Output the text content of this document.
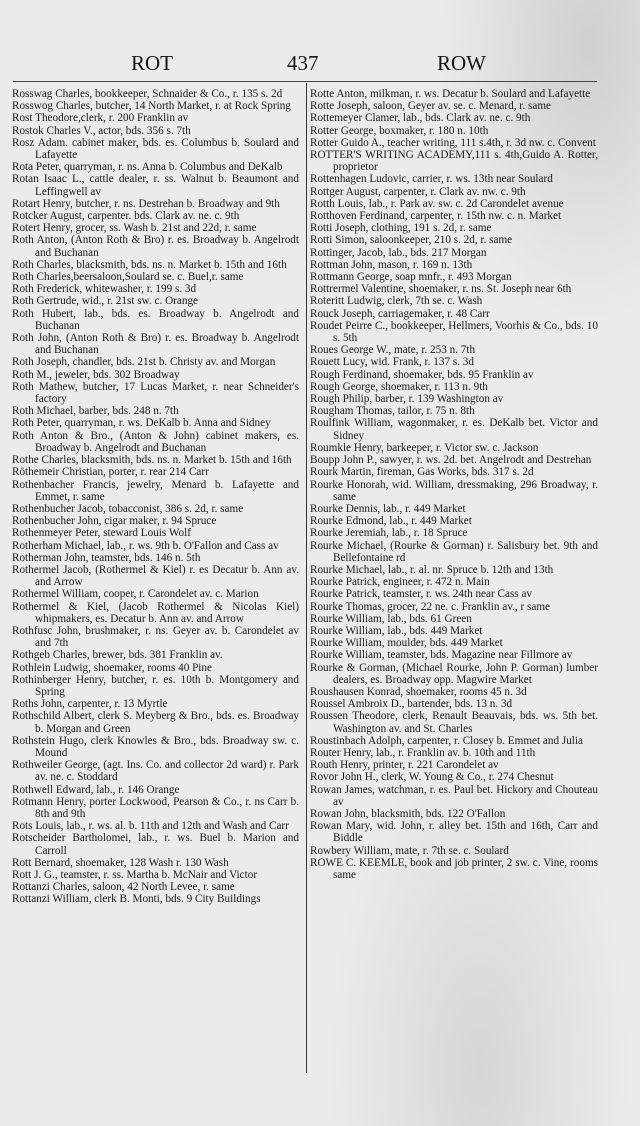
ROT	437	ROW

Rosswag Charles, bookkeeper, Schnaider & Co., r. 135 s. 2d

Rosswog Charles, butcher, 14 North Market, r. at Rock Spring

Rost Theodore,clerk, r. 200 Franklin av

Rostok Charles V., actor, bds. 356 s. 7th

Rosz Adam. cabinet maker, bds. es. Columbus b. Soulard and Lafayette

Rota Peter, quarryman, r. ns. Anna b. Columbus and DeKalb

Rotan Isaac L., cattle dealer, r. ss. Walnut b. Beaumont and Leffingwell av

Rotart Henry, butcher, r. ns. Destrehan b. Broadway and 9th

Rotcker August, carpenter. bds. Clark av. ne. c. 9th

Rotert Henry, grocer, ss. Wash b. 21st and 22d, r. same

Roth Anton, (Anton Roth & Bro) r. es. Broadway b. Angelrodt and Buchanan

Roth Charles, blacksmith, bds. ns. n. Market b. 15th and 16th

Roth Charles,beersaloon,Soulard se. c. Buel,r. same

Roth Frederick, whitewasher, r. 199 s. 3d

Roth Gertrude, wid., r. 21st sw. c. Orange

Roth Hubert, lab., bds. es. Broadway b. Angelrodt and Buchanan

Roth John, (Anton Roth & Bro) r. es. Broadway b. Angelrodt and Buchanan

Roth Joseph, chandler, bds. 21st b. Christy av. and Morgan

Roth M., jeweler, bds. 302 Broadway

Roth Mathew, butcher, 17 Lucas Market, r. near Schneider's factory

Roth Michael, barber, bds. 248 n. 7th

Roth Peter, quarryman, r. ws. DeKalb b. Anna and Sidney

Roth Anton & Bro., (Anton & John) cabinet makers, es. Broadway b. Angelrodt and Buchanan

Rothe Charles, blacksmith, bds. ns. n. Market b. 15th and 16th

Röthemeir Christian, porter, r. rear 214 Carr

Rothenbacher Francis, jewelry, Menard b. Lafayette and Emmet, r. same

Rothenbucher Jacob, tobacconist, 386 s. 2d, r. same

Rothenbucher John, cigar maker, r. 94 Spruce

Rothenmeyer Peter, steward Louis Wolf

Rotherham Michael, lab., r. ws. 9th b. O'Fallon and Cass av

Rotherman John, teamster, bds. 146 n. 5th

Rothermel Jacob, (Rothermel & Kiel) r. es Decatur b. Ann av. and Arrow

Rothermel William, cooper, r. Carondelet av. c. Marion

Rothermel & Kiel, (Jacob Rothermel & Nicolas Kiel) whipmakers, es. Decatur b. Ann av. and Arrow

Rothfusc John, brushmaker, r. ns. Geyer av. b. Carondelet av and 7th

Rothgeb Charles, brewer, bds. 381 Franklin av.

Rothlein Ludwig, shoemaker, rooms 40 Pine

Rothinberger Henry, butcher, r. es. 10th b. Montgomery and Spring

Roths John, carpenter, r. 13 Myrtle

Rothschild Albert, clerk S. Meyberg & Bro., bds. es. Broadway b. Morgan and Green

Rothstein Hugo, clerk Knowles & Bro., bds. Broadway sw. c. Mound

Rothweiler George, (agt. Ins. Co. and collector 2d ward) r. Park av. ne. c. Stoddard

Rothwell Edward, lab., r. 146 Orange

Rotmann Henry, porter Lockwood, Pearson & Co., r. ns Carr b. 8th and 9th

Rots Louis, lab., r. ws. al. b. 11th and 12th and Wash and Carr

Rotscheider Bartholomei, lab., r. ws. Buel b. Marion and Carroll

Rott Bernard, shoemaker, 128 Wash r. 130 Wash

Rott J. G., teamster, r. ss. Martha b. McNair and Victor

Rottanzi Charles, saloon, 42 North Levee, r. same

Rottanzi William, clerk B. Monti, bds. 9 City Buildings

Rotte Anton, milkman, r. ws. Decatur b. Soulard and Lafayette

Rotte Joseph, saloon, Geyer av. se. c. Menard, r. same

Rottemeyer Clamer, lab., bds. Clark av. ne. c. 9th

Rotter George, boxmaker, r. 180 n. 10th

Rotter Guido A., teacher writing, 111 s.4th, r. 3d nw. c. Convent

ROTTER'S WRITING ACADEMY,111 s. 4th,Guido A. Rotter, proprietor

Rottenhagen Ludovic, carrier, r. ws. 13th near Soulard

Rottger August, carpenter, r. Clark av. nw. c. 9th

Rotth Louis, lab., r. Park av. sw. c. 2d Carondelet avenue

Rotthoven Ferdinand, carpenter, r. 15th nw. c. n. Market

Rotti Joseph, clothing, 191 s. 2d, r. same

Rotti Simon, saloonkeeper, 210 s. 2d, r. same

Rottinger, Jacob, lab., bds. 217 Morgan

Rottman John, mason, r. 169 n. 13th

Rottmann George, soap mnfr., r. 493 Morgan

Rottrermel Valentine, shoemaker, r. ns. St. Joseph near 6th

Roteritt Ludwig, clerk, 7th se. c. Wash

Rouck Joseph, carriagemaker, r. 48 Carr

Roudet Peirre C., bookkeeper, Hellmers, Voorhis & Co., bds. 10 s. 5th

Roues George W., mate, r. 253 n. 7th

Rouett Lucy, wid. Frank, r. 137 s. 3d

Rough Ferdinand, shoemaker, bds. 95 Franklin av

Rough George, shoemaker, r. 113 n. 9th

Rough Philip, barber, r. 139 Washington av

Rougham Thomas, tailor, r. 75 n. 8th

Roulfink William, wagonmaker, r. es. DeKalb bet. Victor and Sidney

Roumkle Henry, barkeeper, r. Victor sw. c. Jackson

Boupp John P., sawyer, r. ws. 2d. bet. Angelrodt and Destrehan

Rourk Martin, fireman, Gas Works, bds. 317 s. 2d

Rourke Honorah, wid. William, dressmaking, 296 Broadway, r. same

Rourke Dennis, lab., r. 449 Market

Rourke Edmond, lab., r. 449 Market

Rourke Jeremiah, lab., r. 18 Spruce

Rourke Michael, (Rourke & Gorman) r. Salisbury bet. 9th and Bellefontaine rd

Rourke Michael, lab., r. al. nr. Spruce b. 12th and 13th

Rourke Patrick, engineer, r. 472 n. Main

Rourke Patrick, teamster, r. ws. 24th near Cass av

Rourke Thomas, grocer, 22 ne. c. Franklin av., r same

Rourke William, lab., bds. 61 Green

Rourke William, lab., bds. 449 Market

Rourke William, moulder, bds. 449 Market

Rourke William, teamster, bds. Magazine near Fillmore av

Rourke & Gorman, (Michael Rourke, John P. Gorman) lumber dealers, es. Broadway opp. Magwire Market

Roushausen Konrad, shoemaker, rooms 45 n. 3d

Roussel Ambroix D., bartender, bds. 13 n. 3d

Roussen Theodore, clerk, Renault Beauvais, bds. ws. 5th bet. Washington av. and St. Charles

Roustinbach Adolph, carpenter, r. Closey b. Emmet and Julia

Router Henry, lab., r. Franklin av. b. 10th and 11th

Routh Henry, printer, r. 221 Carondelet av

Rovor John H., clerk, W. Young & Co., r. 274 Chesnut

Rowan James, watchman, r. es. Paul bet. Hickory and Chouteau av

Rowan John, blacksmith, bds. 122 O'Fallon

Rowan Mary, wid. John, r. alley bet. 15th and 16th, Carr and Biddle

Rowbery William, mate, r. 7th se. c. Soulard

ROWE C. KEEMLE, book and job printer, 2 sw. c. Vine, rooms same
